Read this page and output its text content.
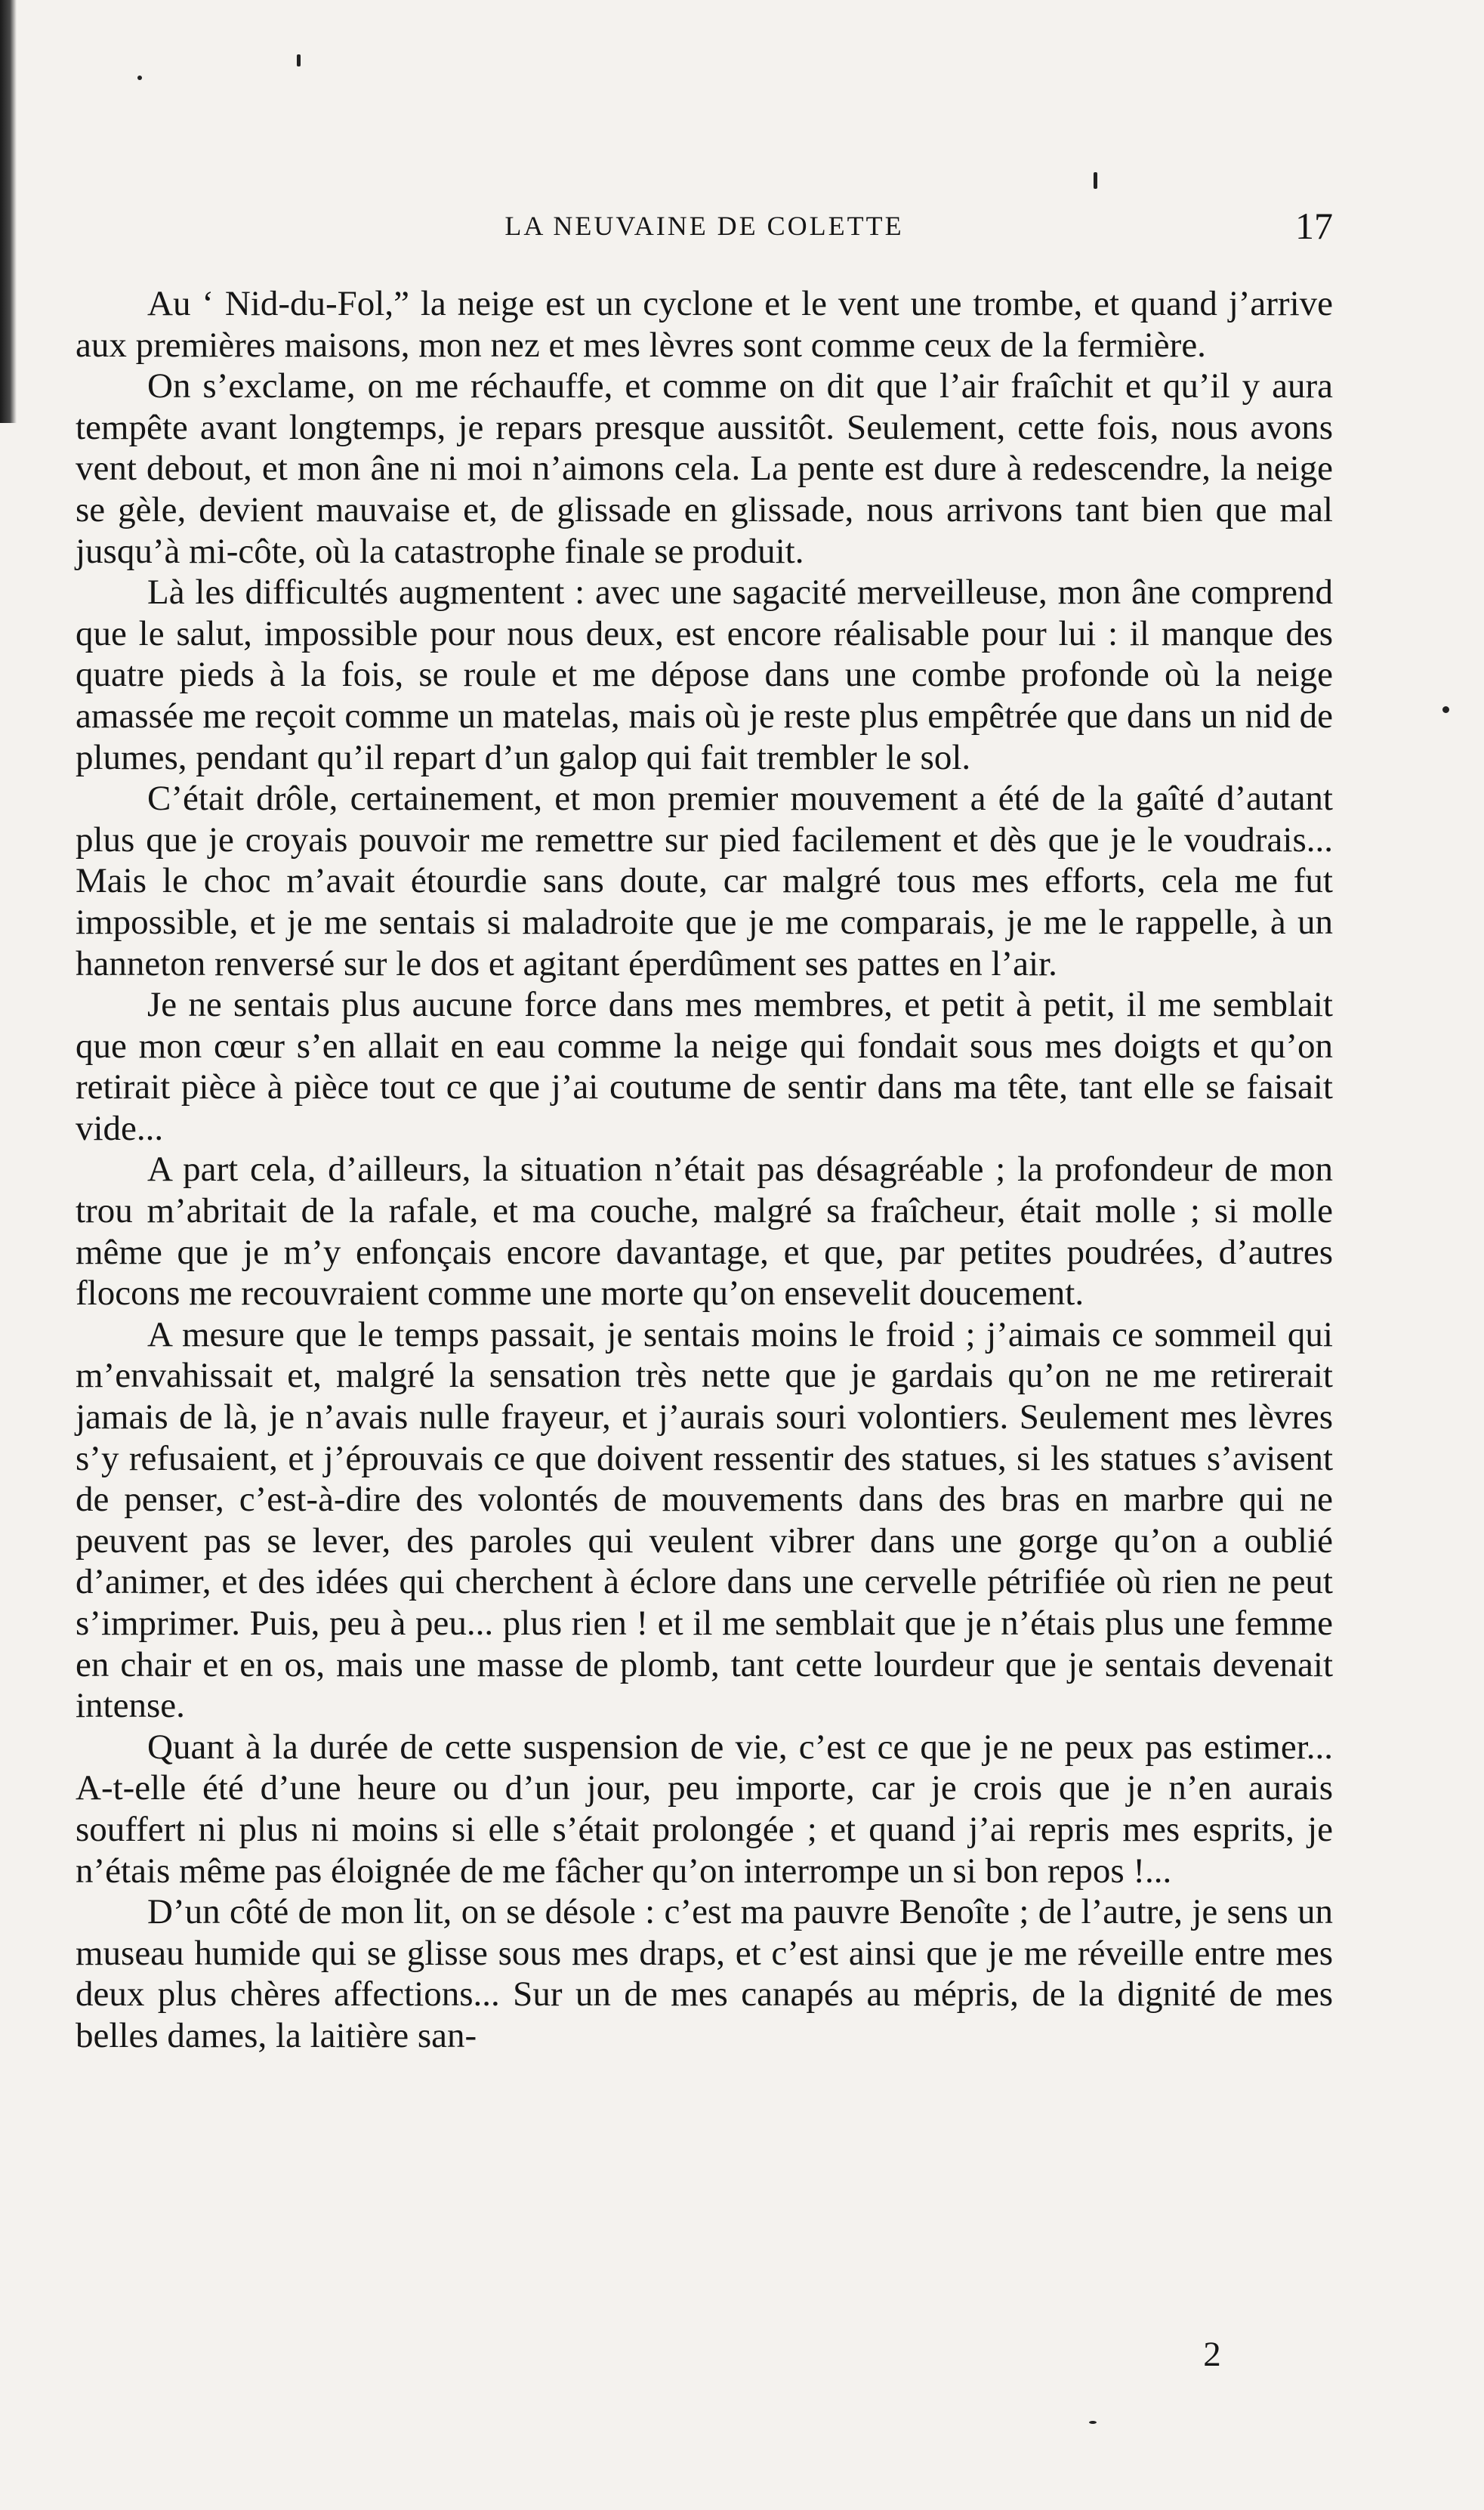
LA NEUVAINE DE COLETTE	17

Au ‘ Nid-du-Fol,” la neige est un cyclone et le vent une trombe, et quand j’arrive aux premières maisons, mon nez et mes lèvres sont comme ceux de la fermière.

On s’exclame, on me réchauffe, et comme on dit que l’air fraîchit et qu’il y aura tempête avant longtemps, je repars presque aussitôt. Seulement, cette fois, nous avons vent debout, et mon âne ni moi n’aimons cela. La pente est dure à redescendre, la neige se gèle, devient mauvaise et, de glissade en glissade, nous arrivons tant bien que mal jusqu’à mi-côte, où la catastrophe finale se produit.

Là les difficultés augmentent : avec une sagacité merveilleuse, mon âne comprend que le salut, impossible pour nous deux, est encore réalisable pour lui : il manque des quatre pieds à la fois, se roule et me dépose dans une combe profonde où la neige amassée me reçoit comme un matelas, mais où je reste plus empêtrée que dans un nid de plumes, pendant qu’il repart d’un galop qui fait trembler le sol.

C’était drôle, certainement, et mon premier mouvement a été de la gaîté d’autant plus que je croyais pouvoir me remettre sur pied facilement et dès que je le voudrais... Mais le choc m’avait étourdie sans doute, car malgré tous mes efforts, cela me fut impossible, et je me sentais si maladroite que je me comparais, je me le rappelle, à un hanneton renversé sur le dos et agitant éperdûment ses pattes en l’air.

Je ne sentais plus aucune force dans mes membres, et petit à petit, il me semblait que mon cœur s’en allait en eau comme la neige qui fondait sous mes doigts et qu’on retirait pièce à pièce tout ce que j’ai coutume de sentir dans ma tête, tant elle se faisait vide...

A part cela, d’ailleurs, la situation n’était pas désagréable ; la profondeur de mon trou m’abritait de la rafale, et ma couche, malgré sa fraîcheur, était molle ; si molle même que je m’y enfonçais encore davantage, et que, par petites poudrées, d’autres flocons me recouvraient comme une morte qu’on ensevelit doucement.

A mesure que le temps passait, je sentais moins le froid ; j’aimais ce sommeil qui m’envahissait et, malgré la sensation très nette que je gardais qu’on ne me retirerait jamais de là, je n’avais nulle frayeur, et j’aurais souri volontiers. Seulement mes lèvres s’y refusaient, et j’éprouvais ce que doivent ressentir des statues, si les statues s’avisent de penser, c’est-à-dire des volontés de mouvements dans des bras en marbre qui ne peuvent pas se lever, des paroles qui veulent vibrer dans une gorge qu’on a oublié d’animer, et des idées qui cherchent à éclore dans une cervelle pétrifiée où rien ne peut s’imprimer. Puis, peu à peu... plus rien ! et il me semblait que je n’étais plus une femme en chair et en os, mais une masse de plomb, tant cette lourdeur que je sentais devenait intense.

Quant à la durée de cette suspension de vie, c’est ce que je ne peux pas estimer... A-t-elle été d’une heure ou d’un jour, peu importe, car je crois que je n’en aurais souffert ni plus ni moins si elle s’était prolongée ; et quand j’ai repris mes esprits, je n’étais même pas éloignée de me fâcher qu’on interrompe un si bon repos !...

D’un côté de mon lit, on se désole : c’est ma pauvre Benoîte ; de l’autre, je sens un museau humide qui se glisse sous mes draps, et c’est ainsi que je me réveille entre mes deux plus chères affections... Sur un de mes canapés au mépris, de la dignité de mes belles dames, la laitière san-

2
